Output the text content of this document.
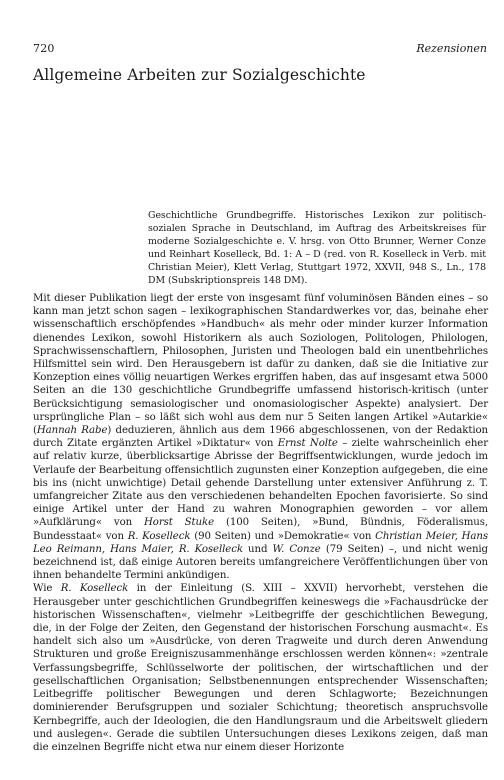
720	Rezensionen
Allgemeine Arbeiten zur Sozialgeschichte
Geschichtliche Grundbegriffe. Historisches Lexikon zur politisch-sozialen Sprache in Deutschland, im Auftrag des Arbeitskreises für moderne Sozialgeschichte e. V. hrsg. von Otto Brunner, Werner Conze und Reinhart Koselleck, Bd. 1: A – D (red. von R. Koselleck in Verb. mit Christian Meier), Klett Verlag, Stuttgart 1972, XXVII, 948 S., Ln., 178 DM (Subskriptionspreis 148 DM).

Mit dieser Publikation liegt der erste von insgesamt fünf voluminösen Bänden eines – so kann man jetzt schon sagen – lexikographischen Standardwerkes vor, das, beinahe eher wissenschaftlich erschöpfendes »Handbuch« als mehr oder minder kurzer Information dienendes Lexikon, sowohl Historikern als auch Soziologen, Politologen, Philologen, Sprachwissenschaftlern, Philosophen, Juristen und Theologen bald ein unentbehrliches Hilfsmittel sein wird. Den Herausgebern ist dafür zu danken, daß sie die Initiative zur Konzeption eines völlig neuartigen Werkes ergriffen haben, das auf insgesamt etwa 5000 Seiten an die 130 geschichtliche Grundbegriffe umfassend historisch-kritisch (unter Berücksichtigung semasiologischer und onomasiologischer Aspekte) analysiert. Der ursprüngliche Plan – so läßt sich wohl aus dem nur 5 Seiten langen Artikel »Autarkie« (Hannah Rabe) deduzieren, ähnlich aus dem 1966 abgeschlossenen, von der Redaktion durch Zitate ergänzten Artikel »Diktatur« von Ernst Nolte – zielte wahrscheinlich eher auf relativ kurze, überblicksartige Abrisse der Begriffsentwicklungen, wurde jedoch im Verlaufe der Bearbeitung offensichtlich zugunsten einer Konzeption aufgegeben, die eine bis ins (nicht unwichtige) Detail gehende Darstellung unter extensiver Anführung z. T. umfangreicher Zitate aus den verschiedenen behandelten Epochen favorisierte. So sind einige Artikel unter der Hand zu wahren Monographien geworden – vor allem »Aufklärung« von Horst Stuke (100 Seiten), »Bund, Bündnis, Föderalismus, Bundesstaat« von R. Koselleck (90 Seiten) und »Demokratie« von Christian Meier, Hans Leo Reimann, Hans Maier, R. Koselleck und W. Conze (79 Seiten) –, und nicht wenig bezeichnend ist, daß einige Autoren bereits umfangreichere Veröffentlichungen über von ihnen behandelte Termini ankündigen.

Wie R. Koselleck in der Einleitung (S. XIII – XXVII) hervorhebt, verstehen die Herausgeber unter geschichtlichen Grundbegriffen keineswegs die »Fachausdrücke der historischen Wissenschaften«, vielmehr »Leitbegriffe der geschichtlichen Bewegung, die, in der Folge der Zeiten, den Gegenstand der historischen Forschung ausmacht«. Es handelt sich also um »Ausdrücke, von deren Tragweite und durch deren Anwendung Strukturen und große Ereigniszusammenhänge erschlossen werden können«: »zentrale Verfassungsbegriffe, Schlüsselworte der politischen, der wirtschaftlichen und der gesellschaftlichen Organisation; Selbstbenennungen entsprechender Wissenschaften; Leitbegriffe politischer Bewegungen und deren Schlagworte; Bezeichnungen dominierender Berufsgruppen und sozialer Schichtung; theoretisch anspruchsvolle Kernbegriffe, auch der Ideologien, die den Handlungsraum und die Arbeitswelt gliedern und auslegen«. Gerade die subtilen Untersuchungen dieses Lexikons zeigen, daß man die einzelnen Begriffe nicht etwa nur einem dieser Horizonte
